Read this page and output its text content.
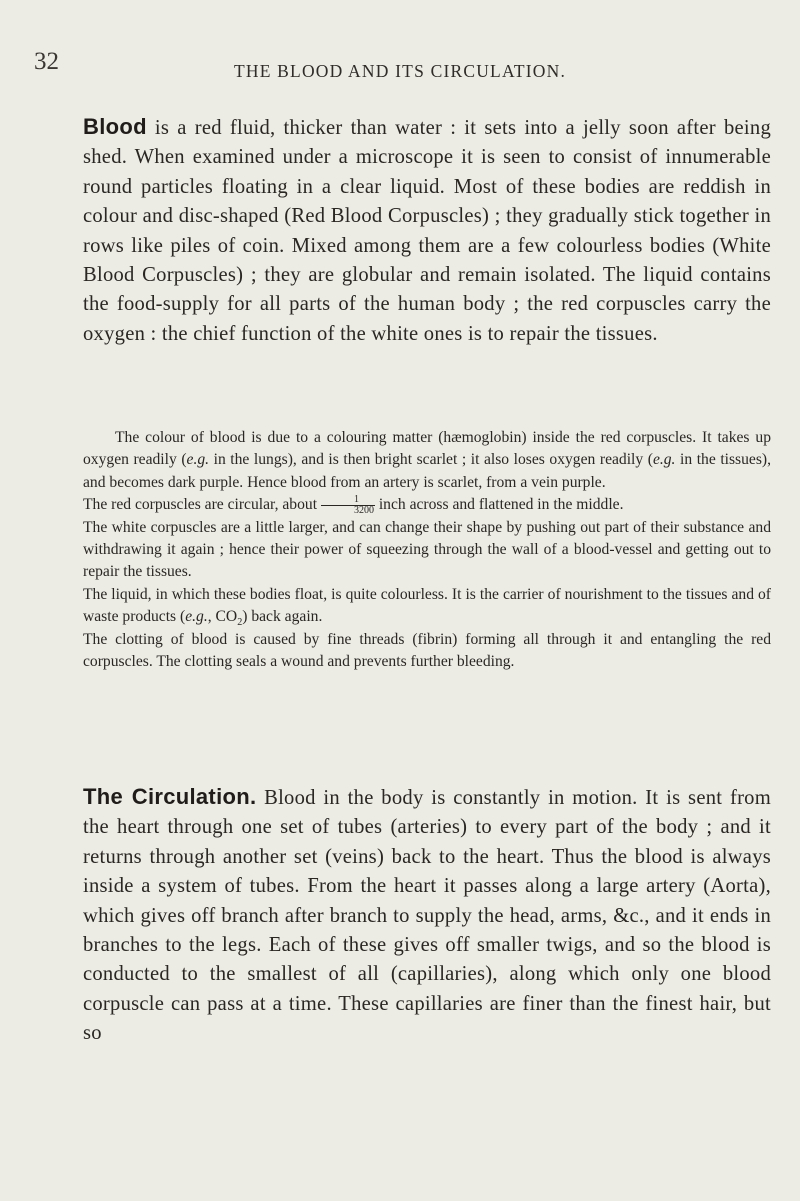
32	THE BLOOD AND ITS CIRCULATION.

Blood is a red fluid, thicker than water : it sets into a jelly soon after being shed. When examined under a microscope it is seen to consist of innumerable round particles floating in a clear liquid. Most of these bodies are reddish in colour and disc-shaped (Red Blood Corpuscles) ; they gradually stick together in rows like piles of coin. Mixed among them are a few colourless bodies (White Blood Corpuscles) ; they are globular and remain isolated. The liquid contains the food-supply for all parts of the human body ; the red corpuscles carry the oxygen : the chief function of the white ones is to repair the tissues.

The colour of blood is due to a colouring matter (hæmoglobin) inside the red corpuscles. It takes up oxygen readily (e.g. in the lungs), and is then bright scarlet ; it also loses oxygen readily (e.g. in the tissues), and becomes dark purple. Hence blood from an artery is scarlet, from a vein purple.
The red corpuscles are circular, about $\frac{1}{3200}$ inch across and flattened in the middle.
The white corpuscles are a little larger, and can change their shape by pushing out part of their substance and withdrawing it again ; hence their power of squeezing through the wall of a blood-vessel and getting out to repair the tissues.
The liquid, in which these bodies float, is quite colourless. It is the carrier of nourishment to the tissues and of waste products (e.g., $CO_2$) back again.
The clotting of blood is caused by fine threads (fibrin) forming all through it and entangling the red corpuscles. The clotting seals a wound and prevents further bleeding.

The Circulation. Blood in the body is constantly in motion. It is sent from the heart through one set of tubes (arteries) to every part of the body ; and it returns through another set (veins) back to the heart. Thus the blood is always inside a system of tubes. From the heart it passes along a large artery (Aorta), which gives off branch after branch to supply the head, arms, &c., and it ends in branches to the legs. Each of these gives off smaller twigs, and so the blood is conducted to the smallest of all (capillaries), along which only one blood corpuscle can pass at a time. These capillaries are finer than the finest hair, but so
